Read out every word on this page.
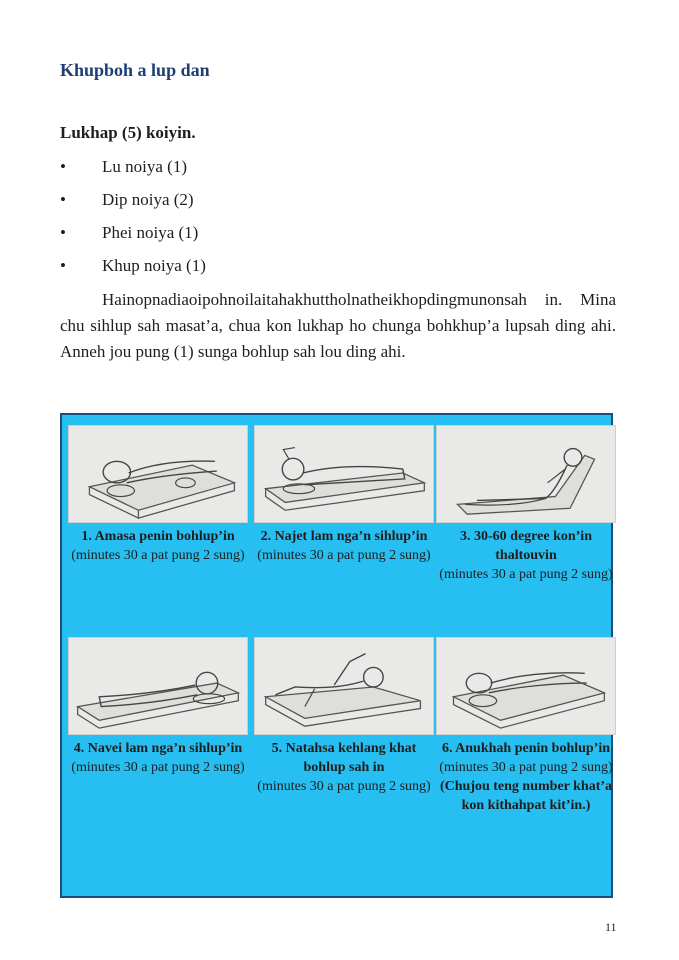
Khupboh a lup dan

Lukhap (5) koiyin.

•	Lu noiya (1)
•	Dip noiya (2)
•	Phei noiya (1)
•	Khup noiya (1)

Hainopnadiaoipohnoilaitahakhuttholnatheikhopdingmunonsah in. Mina chu sihlup sah masat’a, chua kon lukhap ho chunga bohkhup’a lupsah ding ahi. Anneh jou pung (1) sunga bohlup sah lou ding ahi.

1. Amasa penin bohlup’in
(minutes 30 a pat pung 2 sung)
2. Najet lam nga’n sihlup’in
(minutes 30 a pat pung 2 sung)
3. 30-60 degree kon’in thaltouvin
(minutes 30 a pat pung 2 sung)
4. Navei lam nga’n sihlup’in
(minutes 30 a pat pung 2 sung)
5. Natahsa kehlang khat bohlup sah in
(minutes 30 a pat pung 2 sung)
6. Anukhah penin bohlup’in
(minutes 30 a pat pung 2 sung)
(Chujou teng number khat’a kon kithahpat kit’in.)

11
